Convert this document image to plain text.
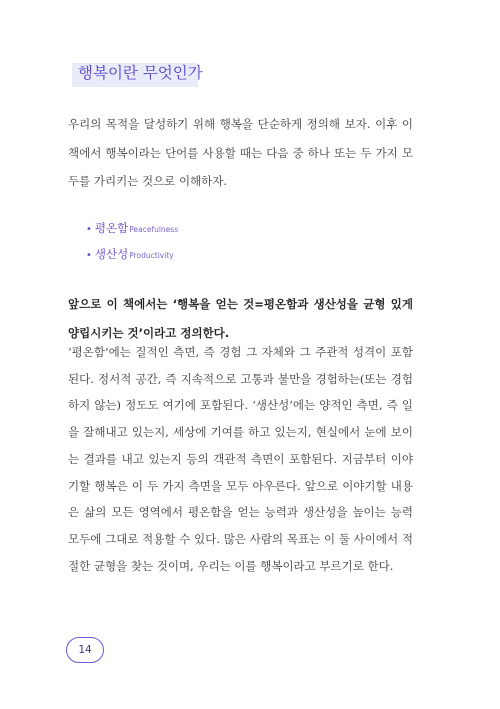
행복이란 무엇인가

우리의 목적을 달성하기 위해 행복을 단순하게 정의해 보자. 이후 이 책에서 행복이라는 단어를 사용할 때는 다음 중 하나 또는 두 가지 모두를 가리키는 것으로 이해하자.

• 평온함Peacefulness
• 생산성Productivity

앞으로 이 책에서는 ‘행복을 얻는 것=평온함과 생산성을 균형 있게 양립시키는 것’이라고 정의한다.

‘평온함’에는 질적인 측면, 즉 경험 그 자체와 그 주관적 성격이 포함된다. 정서적 공간, 즉 지속적으로 고통과 불만을 경험하는(또는 경험하지 않는) 정도도 여기에 포함된다. ‘생산성’에는 양적인 측면, 즉 일을 잘해내고 있는지, 세상에 기여를 하고 있는지, 현실에서 눈에 보이는 결과를 내고 있는지 등의 객관적 측면이 포함된다. 지금부터 이야기할 행복은 이 두 가지 측면을 모두 아우른다. 앞으로 이야기할 내용은 삶의 모든 영역에서 평온함을 얻는 능력과 생산성을 높이는 능력 모두에 그대로 적용할 수 있다. 많은 사람의 목표는 이 둘 사이에서 적절한 균형을 찾는 것이며, 우리는 이를 행복이라고 부르기로 한다.

14
